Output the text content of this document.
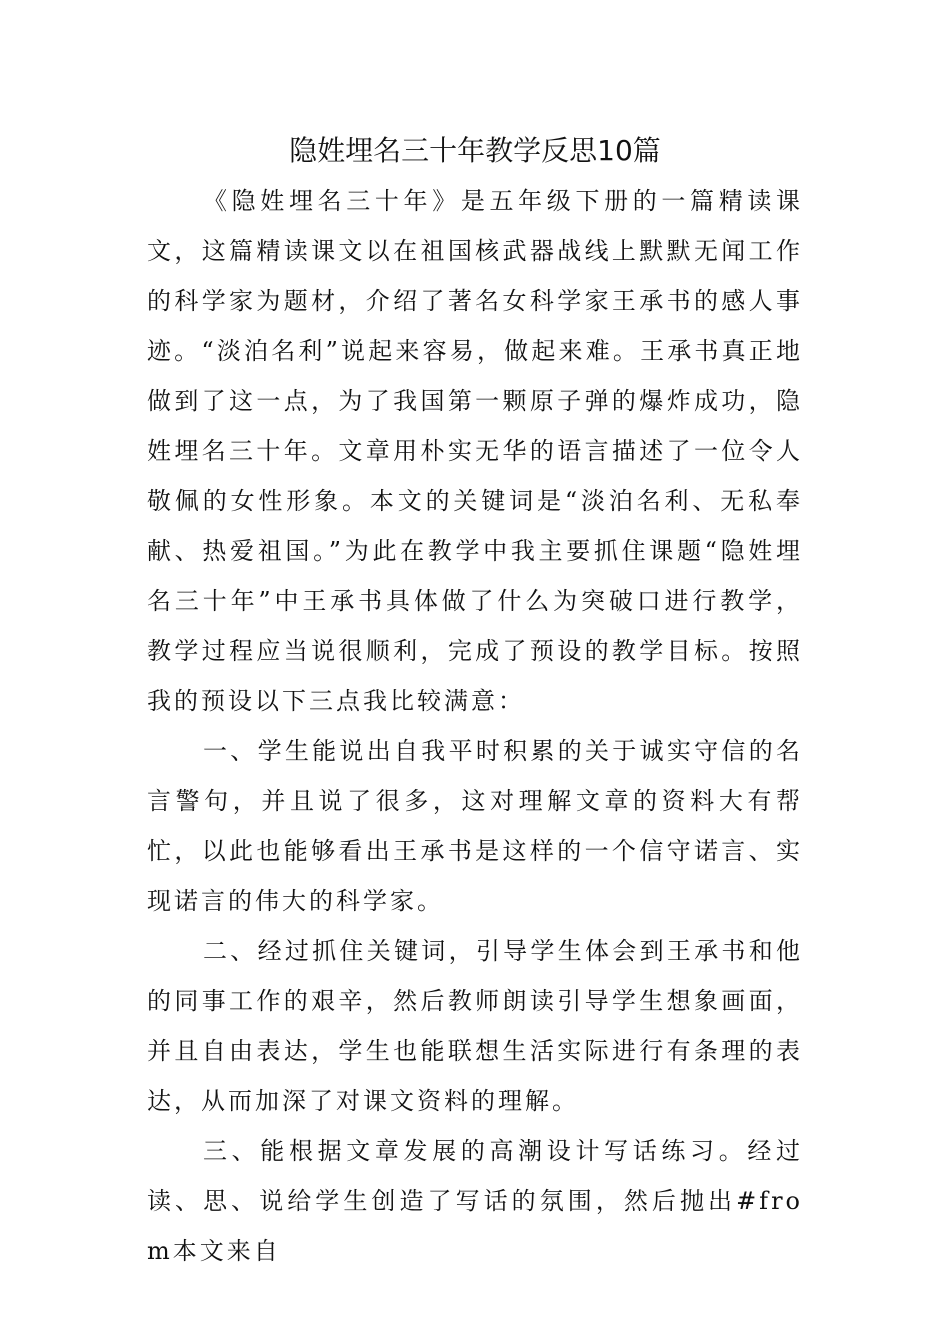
隐姓埋名三十年教学反思10篇

《隐姓埋名三十年》是五年级下册的一篇精读课文，这篇精读课文以在祖国核武器战线上默默无闻工作的科学家为题材，介绍了著名女科学家王承书的感人事迹。“淡泊名利”说起来容易，做起来难。王承书真正地做到了这一点，为了我国第一颗原子弹的爆炸成功，隐姓埋名三十年。文章用朴实无华的语言描述了一位令人敬佩的女性形象。本文的关键词是“淡泊名利、无私奉献、热爱祖国。”为此在教学中我主要抓住课题“隐姓埋名三十年”中王承书具体做了什么为突破口进行教学，教学过程应当说很顺利，完成了预设的教学目标。按照我的预设以下三点我比较满意：

一、学生能说出自我平时积累的关于诚实守信的名言警句，并且说了很多，这对理解文章的资料大有帮忙，以此也能够看出王承书是这样的一个信守诺言、实现诺言的伟大的科学家。

二、经过抓住关键词，引导学生体会到王承书和他的同事工作的艰辛，然后教师朗读引导学生想象画面，并且自由表达，学生也能联想生活实际进行有条理的表达，从而加深了对课文资料的理解。

三、能根据文章发展的高潮设计写话练习。经过读、思、说给学生创造了写话的氛围，然后抛出#from本文来自
